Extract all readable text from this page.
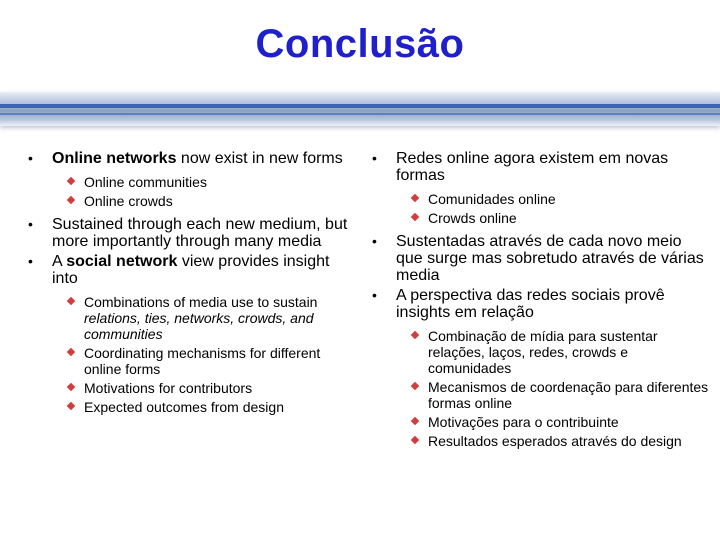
Conclusão
• Online networks now exist in new forms
Online communities
Online crowds
• Sustained through each new medium, but more importantly through many media
• A social network view provides insight into
Combinations of media use to sustain relations, ties, networks, crowds, and communities
Coordinating mechanisms for different online forms
Motivations for contributors
Expected outcomes from design
• Redes online agora existem em novas formas
Comunidades online
Crowds online
• Sustentadas através de cada novo meio que surge mas sobretudo através de várias media
• A perspectiva das redes sociais provê insights em relação
Combinação de mídia para sustentar relações, laços, redes, crowds e comunidades
Mecanismos de coordenação para diferentes formas online
Motivações para o contribuinte
Resultados esperados através do design
